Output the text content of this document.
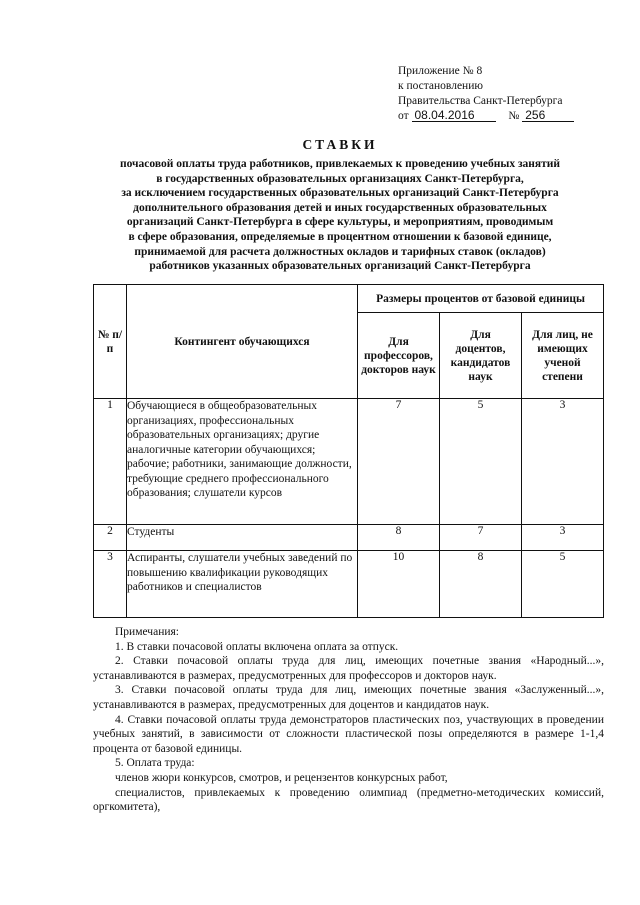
Приложение № 8
к постановлению
Правительства Санкт-Петербурга
от 08.04.2016	№ 256
СТАВКИ
почасовой оплаты труда работников, привлекаемых к проведению учебных занятий
в государственных образовательных организациях Санкт-Петербурга,
за исключением государственных образовательных организаций Санкт-Петербурга
дополнительного образования детей и иных государственных образовательных
организаций Санкт-Петербурга в сфере культуры, и мероприятиям, проводимым
в сфере образования, определяемые в процентном отношении к базовой единице,
принимаемой для расчета должностных окладов и тарифных ставок (окладов)
работников указанных образовательных организаций Санкт-Петербурга
№ п/п	Контингент обучающихся	Размеры процентов от базовой единицы		
		Для профессоров, докторов наук	Для доцентов, кандидатов наук	Для лиц, не имеющих ученой степени
1	Обучающиеся в общеобразовательных организациях, профессиональных образовательных организациях; другие аналогичные категории обучающихся; рабочие; работники, занимающие должности, требующие среднего профессионального образования; слушатели курсов	7	5	3
2	Студенты	8	7	3
3	Аспиранты, слушатели учебных заведений по повышению квалификации руководящих работников и специалистов	10	8	5

Примечания:

1. В ставки почасовой оплаты включена оплата за отпуск.

2. Ставки почасовой оплаты труда для лиц, имеющих почетные звания «Народный...», устанавливаются в размерах, предусмотренных для профессоров и докторов наук.

3. Ставки почасовой оплаты труда для лиц, имеющих почетные звания «Заслуженный...», устанавливаются в размерах, предусмотренных для доцентов и кандидатов наук.

4. Ставки почасовой оплаты труда демонстраторов пластических поз, участвующих в проведении учебных занятий, в зависимости от сложности пластической позы определяются в размере 1-1,4 процента от базовой единицы.

5. Оплата труда:

членов жюри конкурсов, смотров, и рецензентов конкурсных работ,

специалистов, привлекаемых к проведению олимпиад (предметно-методических комиссий, оргкомитета),
